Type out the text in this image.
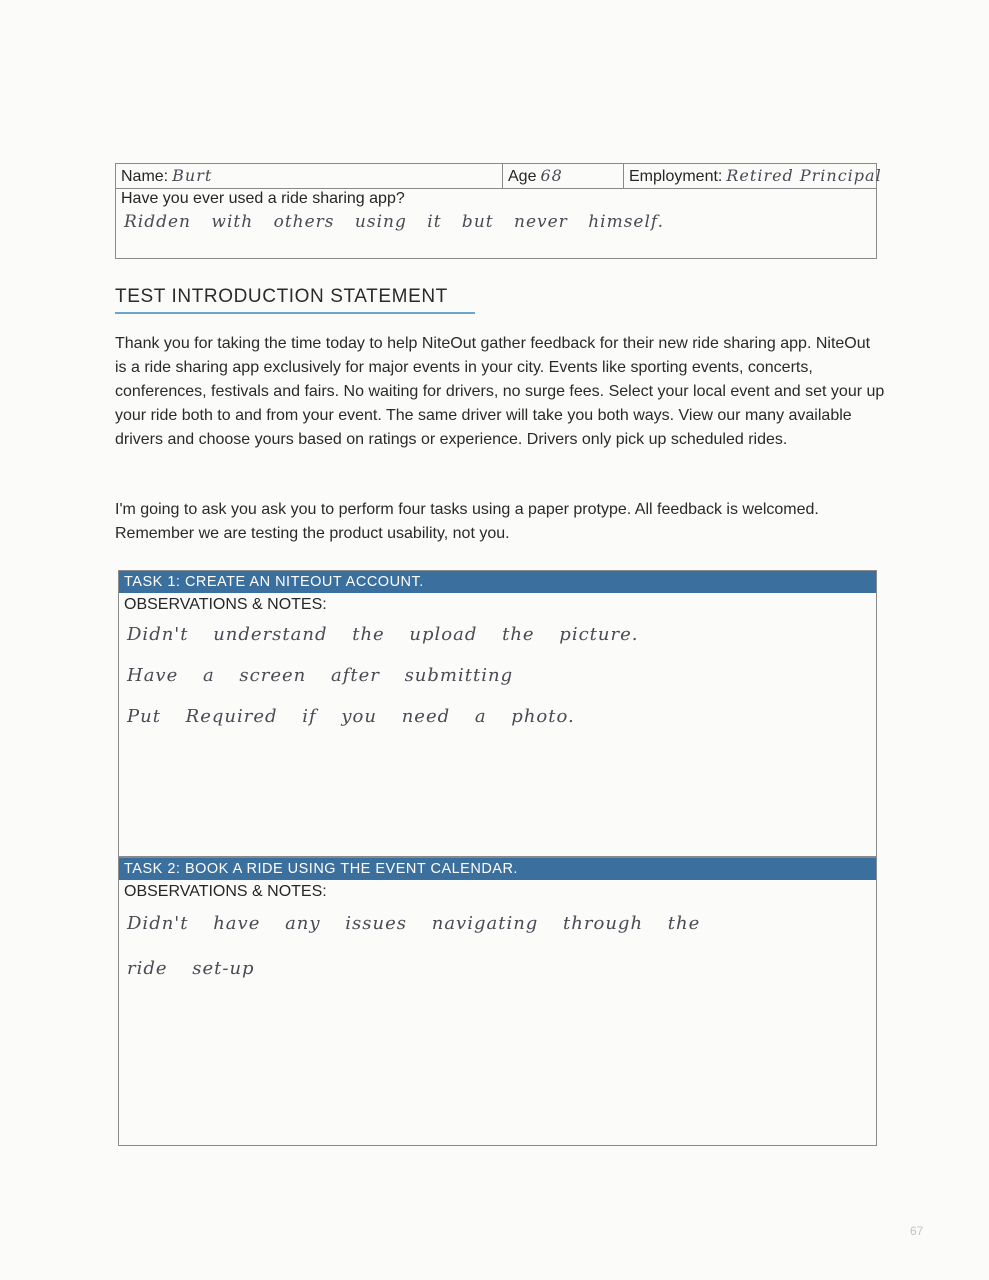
Name: Burt	Age 68	Employment: Retired Principal
Have you ever used a ride sharing app?
Ridden with others using it but never himself.
TEST INTRODUCTION STATEMENT

Thank you for taking the time today to help NiteOut gather feedback for their new ride sharing app. NiteOut is a ride sharing app exclusively for major events in your city. Events like sporting events, concerts, conferences, festivals and fairs. No waiting for drivers, no surge fees. Select your local event and set your up your ride both to and from your event. The same driver will take you both ways. View our many available drivers and choose yours based on ratings or experience. Drivers only pick up scheduled rides.

I'm going to ask you ask you to perform four tasks using a paper protype. All feedback is welcomed. Remember we are testing the product usability, not you.

TASK 1: CREATE AN NITEOUT ACCOUNT.
OBSERVATIONS & NOTES:
Didn't understand the upload the picture.
Have a screen after submitting
Put Required if you need a photo.
TASK 2: BOOK A RIDE USING THE EVENT CALENDAR.
OBSERVATIONS & NOTES:
Didn't have any issues navigating through the
ride set-up
67
